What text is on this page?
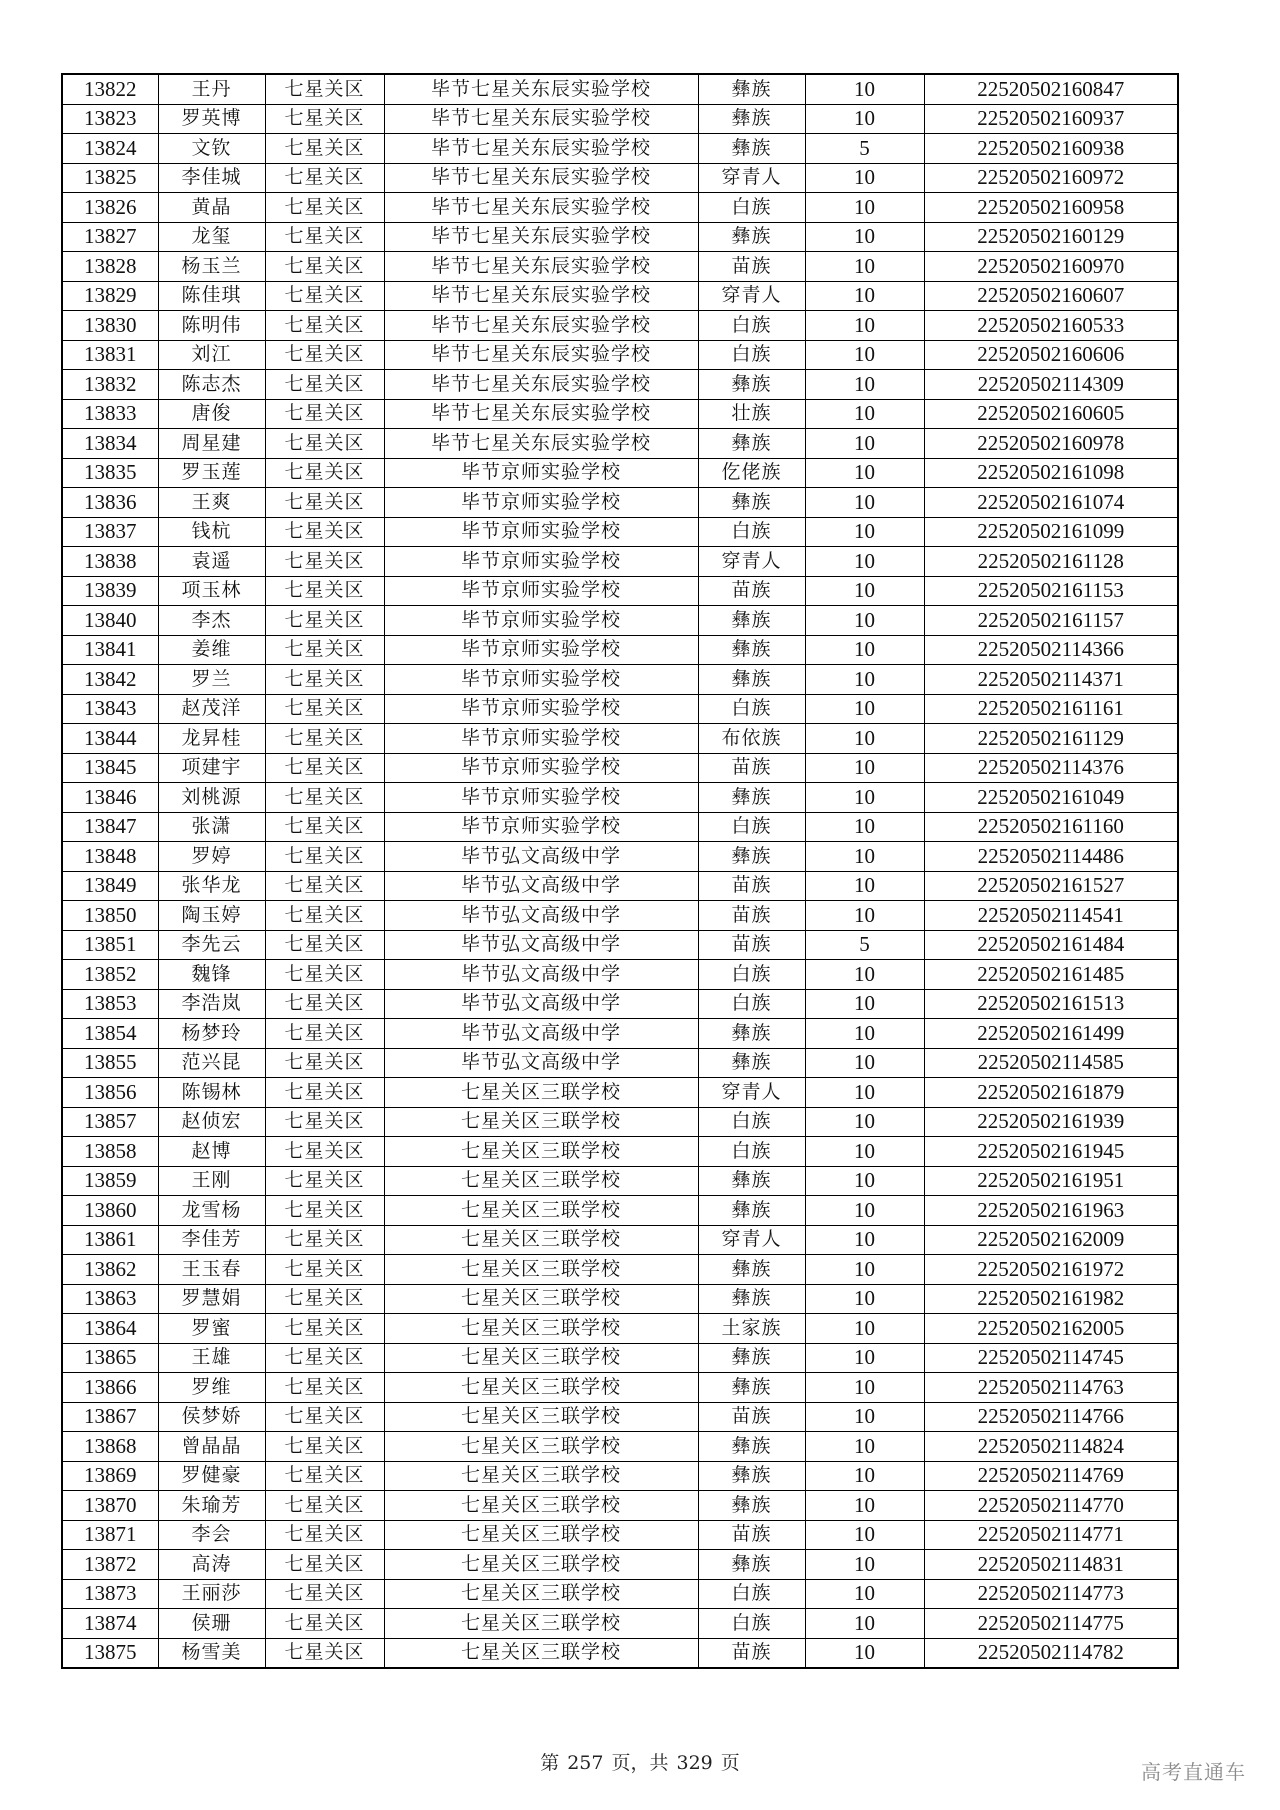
13822	王丹	七星关区	毕节七星关东辰实验学校	彝族	10	22520502160847
13823	罗英博	七星关区	毕节七星关东辰实验学校	彝族	10	22520502160937
13824	文钦	七星关区	毕节七星关东辰实验学校	彝族	5	22520502160938
13825	李佳城	七星关区	毕节七星关东辰实验学校	穿青人	10	22520502160972
13826	黄晶	七星关区	毕节七星关东辰实验学校	白族	10	22520502160958
13827	龙玺	七星关区	毕节七星关东辰实验学校	彝族	10	22520502160129
13828	杨玉兰	七星关区	毕节七星关东辰实验学校	苗族	10	22520502160970
13829	陈佳琪	七星关区	毕节七星关东辰实验学校	穿青人	10	22520502160607
13830	陈明伟	七星关区	毕节七星关东辰实验学校	白族	10	22520502160533
13831	刘江	七星关区	毕节七星关东辰实验学校	白族	10	22520502160606
13832	陈志杰	七星关区	毕节七星关东辰实验学校	彝族	10	22520502114309
13833	唐俊	七星关区	毕节七星关东辰实验学校	壮族	10	22520502160605
13834	周星建	七星关区	毕节七星关东辰实验学校	彝族	10	22520502160978
13835	罗玉莲	七星关区	毕节京师实验学校	仡佬族	10	22520502161098
13836	王爽	七星关区	毕节京师实验学校	彝族	10	22520502161074
13837	钱杭	七星关区	毕节京师实验学校	白族	10	22520502161099
13838	袁遥	七星关区	毕节京师实验学校	穿青人	10	22520502161128
13839	项玉林	七星关区	毕节京师实验学校	苗族	10	22520502161153
13840	李杰	七星关区	毕节京师实验学校	彝族	10	22520502161157
13841	姜维	七星关区	毕节京师实验学校	彝族	10	22520502114366
13842	罗兰	七星关区	毕节京师实验学校	彝族	10	22520502114371
13843	赵茂洋	七星关区	毕节京师实验学校	白族	10	22520502161161
13844	龙昇桂	七星关区	毕节京师实验学校	布依族	10	22520502161129
13845	项建宇	七星关区	毕节京师实验学校	苗族	10	22520502114376
13846	刘桃源	七星关区	毕节京师实验学校	彝族	10	22520502161049
13847	张潇	七星关区	毕节京师实验学校	白族	10	22520502161160
13848	罗婷	七星关区	毕节弘文高级中学	彝族	10	22520502114486
13849	张华龙	七星关区	毕节弘文高级中学	苗族	10	22520502161527
13850	陶玉婷	七星关区	毕节弘文高级中学	苗族	10	22520502114541
13851	李先云	七星关区	毕节弘文高级中学	苗族	5	22520502161484
13852	魏锋	七星关区	毕节弘文高级中学	白族	10	22520502161485
13853	李浩岚	七星关区	毕节弘文高级中学	白族	10	22520502161513
13854	杨梦玲	七星关区	毕节弘文高级中学	彝族	10	22520502161499
13855	范兴昆	七星关区	毕节弘文高级中学	彝族	10	22520502114585
13856	陈锡林	七星关区	七星关区三联学校	穿青人	10	22520502161879
13857	赵侦宏	七星关区	七星关区三联学校	白族	10	22520502161939
13858	赵博	七星关区	七星关区三联学校	白族	10	22520502161945
13859	王刚	七星关区	七星关区三联学校	彝族	10	22520502161951
13860	龙雪杨	七星关区	七星关区三联学校	彝族	10	22520502161963
13861	李佳芳	七星关区	七星关区三联学校	穿青人	10	22520502162009
13862	王玉春	七星关区	七星关区三联学校	彝族	10	22520502161972
13863	罗慧娟	七星关区	七星关区三联学校	彝族	10	22520502161982
13864	罗蜜	七星关区	七星关区三联学校	土家族	10	22520502162005
13865	王雄	七星关区	七星关区三联学校	彝族	10	22520502114745
13866	罗维	七星关区	七星关区三联学校	彝族	10	22520502114763
13867	侯梦娇	七星关区	七星关区三联学校	苗族	10	22520502114766
13868	曾晶晶	七星关区	七星关区三联学校	彝族	10	22520502114824
13869	罗健豪	七星关区	七星关区三联学校	彝族	10	22520502114769
13870	朱瑜芳	七星关区	七星关区三联学校	彝族	10	22520502114770
13871	李会	七星关区	七星关区三联学校	苗族	10	22520502114771
13872	高涛	七星关区	七星关区三联学校	彝族	10	22520502114831
13873	王丽莎	七星关区	七星关区三联学校	白族	10	22520502114773
13874	侯珊	七星关区	七星关区三联学校	白族	10	22520502114775
13875	杨雪美	七星关区	七星关区三联学校	苗族	10	22520502114782
第 257 页，共 329 页	高考直通车
